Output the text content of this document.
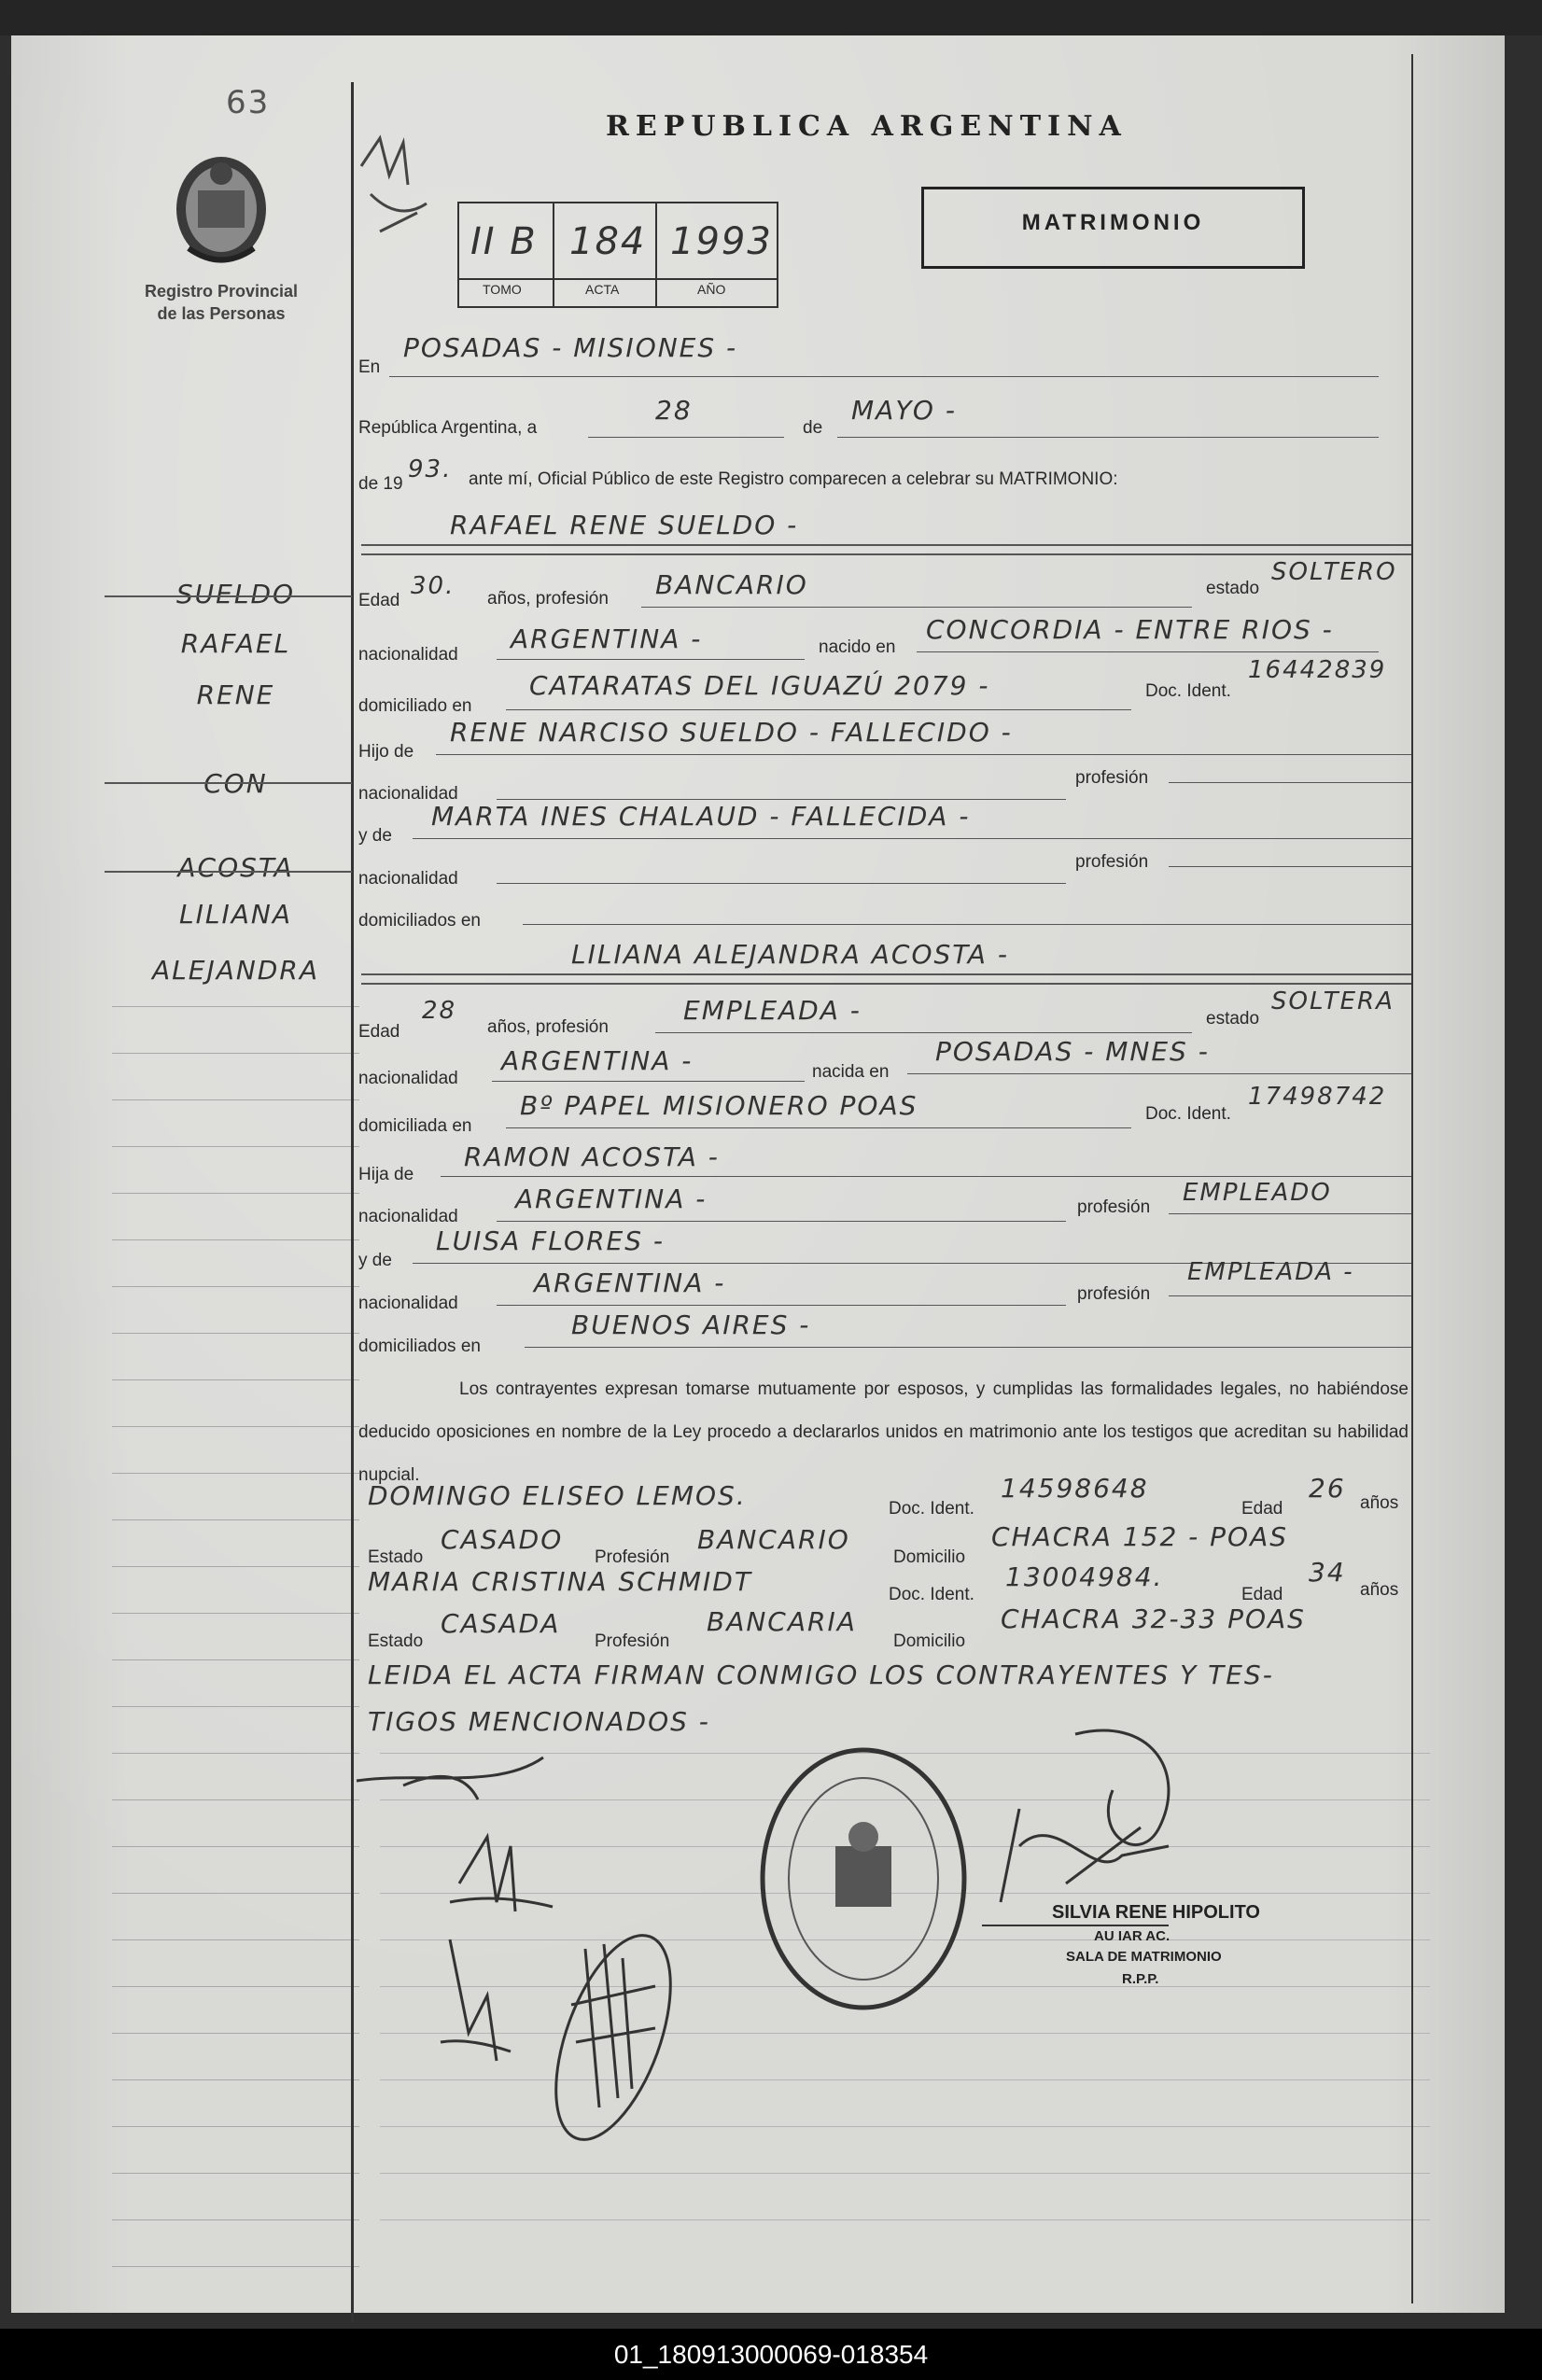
63
Registro Provincial
de las Personas
REPUBLICA ARGENTINA
II B 184 1993
TOMO	ACTA	AÑO
MATRIMONIO
En
POSADAS - MISIONES -
República Argentina, a
28
de
MAYO -
de 19
93. ante mí, Oficial Público de este Registro comparecen a celebrar su MATRIMONIO:
RAFAEL RENE SUELDO -
Edad
30. años, profesión BANCARIO	estado
SOLTERO
nacionalidad
ARGENTINA -	nacido en
CONCORDIA - ENTRE RIOS -
domiciliado en
CATARATAS DEL IGUAZÚ 2079 -	Doc. Ident.
16442839
Hijo de
RENE NARCISO SUELDO - FALLECIDO -
nacionalidad
profesión
y de
MARTA INES CHALAUD - FALLECIDA -
nacionalidad
profesión
domiciliados en
LILIANA ALEJANDRA ACOSTA -
Edad
28
años, profesión
EMPLEADA -	estado
SOLTERA
nacionalidad
ARGENTINA -	nacida en
POSADAS - MNES -
domiciliada en
Bº PAPEL MISIONERO POAS	Doc. Ident.
17498742
Hija de
RAMON ACOSTA -
nacionalidad
ARGENTINA -	profesión
EMPLEADO
y de
LUISA FLORES -
nacionalidad
ARGENTINA -	profesión
EMPLEADA -
domiciliados en
BUENOS AIRES -
Los contrayentes expresan tomarse mutuamente por esposos, y cumplidas las formalidades legales, no habiéndose deducido oposiciones en nombre de la Ley procedo a declararlos unidos en matrimonio ante los testigos que acreditan su habilidad nupcial.
DOMINGO ELISEO LEMOS.	Doc. Ident.
14598648
Edad
26 años
Estado
CASADO
Profesión
BANCARIO
Domicilio
CHACRA 152 - POAS
MARIA CRISTINA SCHMIDT	Doc. Ident.
13004984.
Edad
34
años
Estado
CASADA
Profesión
BANCARIA
Domicilio
CHACRA 32-33 POAS
LEIDA EL ACTA FIRMAN CONMIGO LOS CONTRAYENTES Y TES-
TIGOS MENCIONADOS -
SUELDO
RAFAEL
RENE
CON
ACOSTA
LILIANA
ALEJANDRA
SILVIA RENE HIPOLITO
AU IAR AC.
SALA DE MATRIMONIO
R.P.P.
01_180913000069-018354
